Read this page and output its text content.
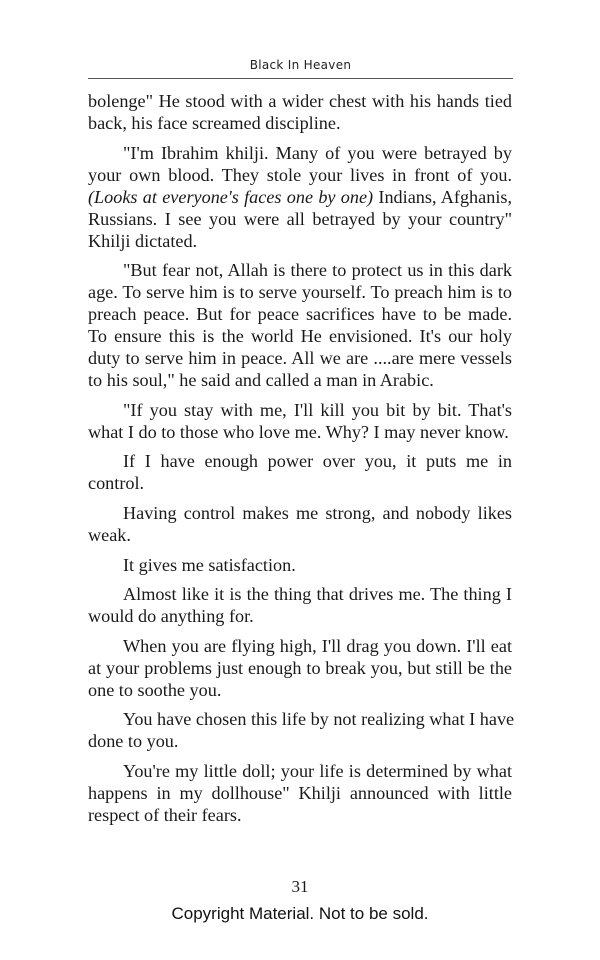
Black In Heaven
bolenge" He stood with a wider chest with his hands tied
back, his face screamed discipline.
"I'm Ibrahim khilji. Many of you were betrayed by
your own blood. They stole your lives in front of you.
(Looks at everyone's faces one by one) Indians, Afghanis,
Russians. I see you were all betrayed by your country"
Khilji dictated.
"But fear not, Allah is there to protect us in this dark
age. To serve him is to serve yourself. To preach him is to
preach peace. But for peace sacrifices have to be made.
To ensure this is the world He envisioned. It's our holy
duty to serve him in peace. All we are ....are mere vessels
to his soul," he said and called a man in Arabic.
"If you stay with me, I'll kill you bit by bit. That's
what I do to those who love me. Why? I may never know.
If I have enough power over you, it puts me in
control.
Having control makes me strong, and nobody likes
weak.
It gives me satisfaction.
Almost like it is the thing that drives me. The thing I
would do anything for.
When you are flying high, I'll drag you down. I'll eat
at your problems just enough to break you, but still be the
one to soothe you.
You have chosen this life by not realizing what I have
done to you.
You're my little doll; your life is determined by what
happens in my dollhouse" Khilji announced with little
respect of their fears.
31
Copyright Material. Not to be sold.
